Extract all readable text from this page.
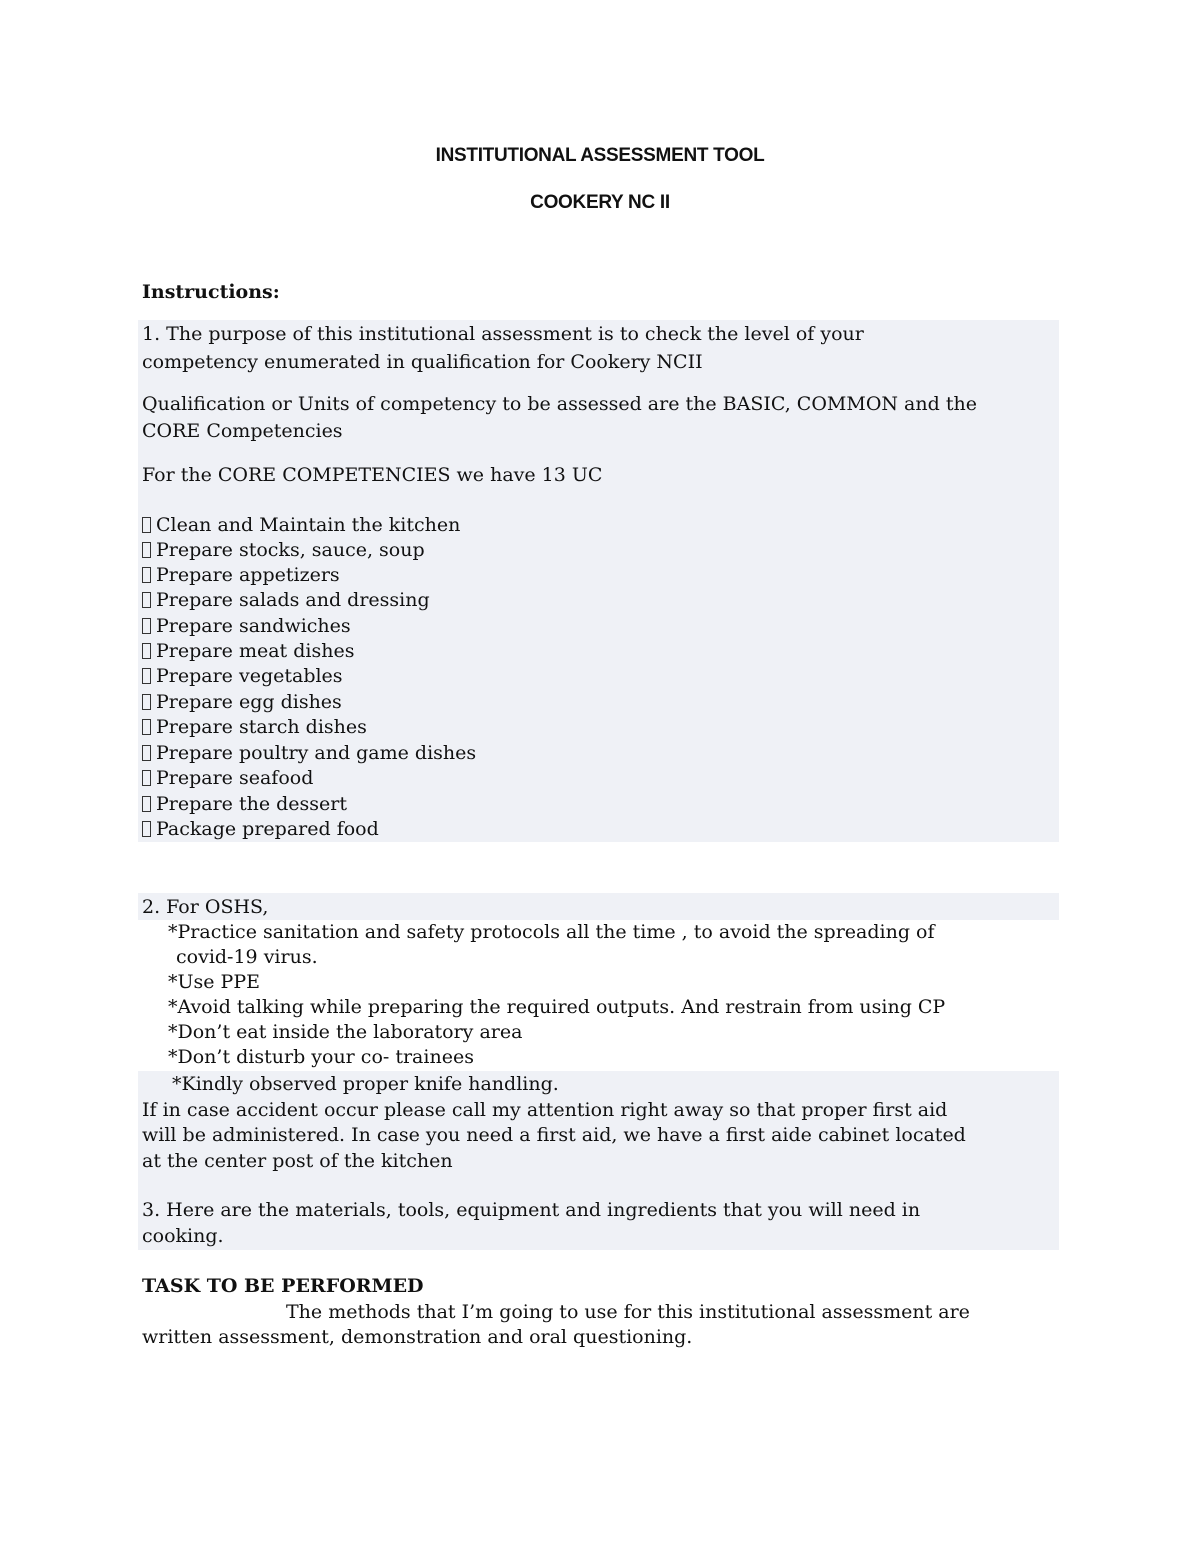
INSTITUTIONAL ASSESSMENT TOOL
COOKERY NC II
Instructions:
1. The purpose of this institutional assessment is to check the level of your
competency enumerated in qualification for Cookery NCII
Qualification or Units of competency to be assessed are the BASIC, COMMON and the
CORE Competencies
For the CORE COMPETENCIES we have 13 UC
Clean and Maintain the kitchen
Prepare stocks, sauce, soup
Prepare appetizers
Prepare salads and dressing
Prepare sandwiches
Prepare meat dishes
Prepare vegetables
Prepare egg dishes
Prepare starch dishes
Prepare poultry and game dishes
Prepare seafood
Prepare the dessert
Package prepared food
2. For OSHS,
*Practice sanitation and safety protocols all the time , to avoid the spreading of
covid-19 virus.
*Use PPE
*Avoid talking while preparing the required outputs. And restrain from using CP
*Don’t eat inside the laboratory area
*Don’t disturb your co- trainees
*Kindly observed proper knife handling.
If in case accident occur please call my attention right away so that proper first aid
will be administered. In case you need a first aid, we have a first aide cabinet located
at the center post of the kitchen
3. Here are the materials, tools, equipment and ingredients that you will need in
cooking.
TASK TO BE PERFORMED
The methods that I’m going to use for this institutional assessment are
written assessment, demonstration and oral questioning.
